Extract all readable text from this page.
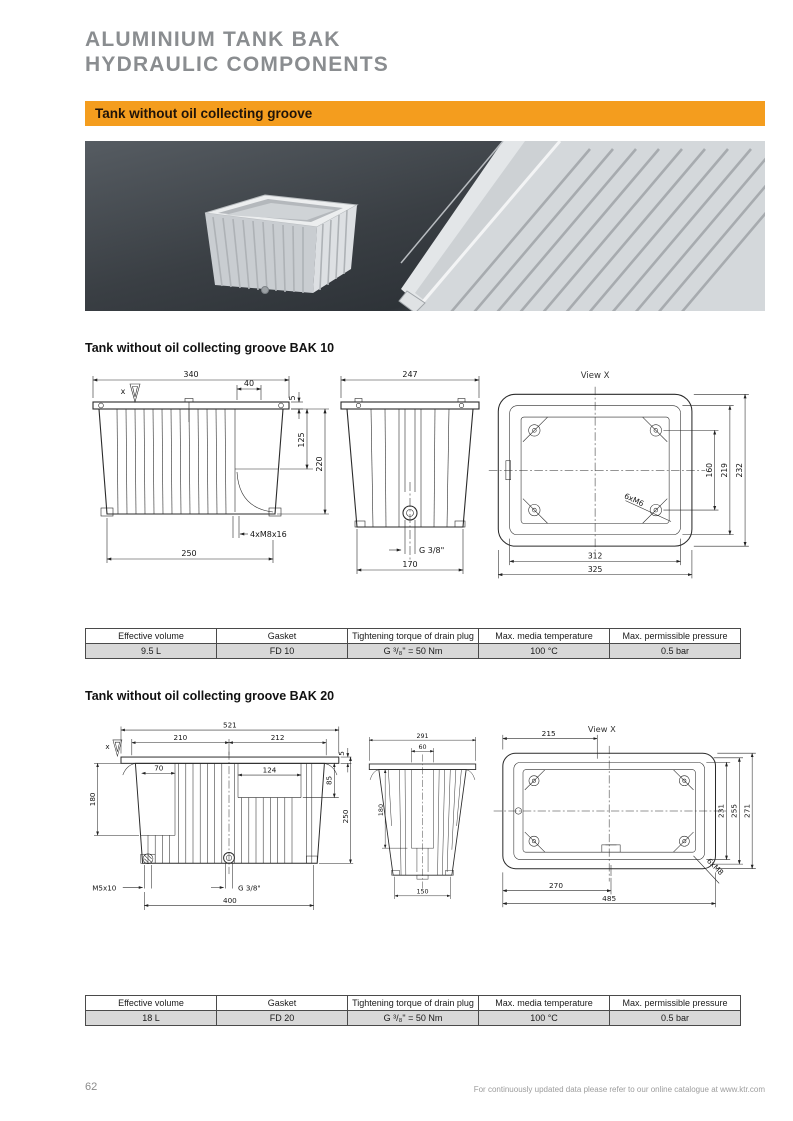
ALUMINIUM TANK BAK
HYDRAULIC COMPONENTS
Tank without oil collecting groove
Tank without oil collecting groove BAK 10
340
x
40
5
4xM8x16
125
220
250
247
G 3/8"
170
View X
6xM6
160 219 232
312
325
Effective volume	Gasket	Tightening torque of drain plug	Max. media temperature	Max. permissible pressure
9.5 L	FD 10	G ³/₈" = 50 Nm	100 °C	0.5 bar
Tank without oil collecting groove BAK 20
521
x
210	212
5
70	124
85
180
250
M5x10	G 3/8"
400
291
60
180
150
View X
215
6xM8
231 255 271
270
485
Effective volume	Gasket	Tightening torque of drain plug	Max. media temperature	Max. permissible pressure
18 L	FD 20	G ³/₈" = 50 Nm	100 °C	0.5 bar
62	For continuously updated data please refer to our online catalogue at www.ktr.com
